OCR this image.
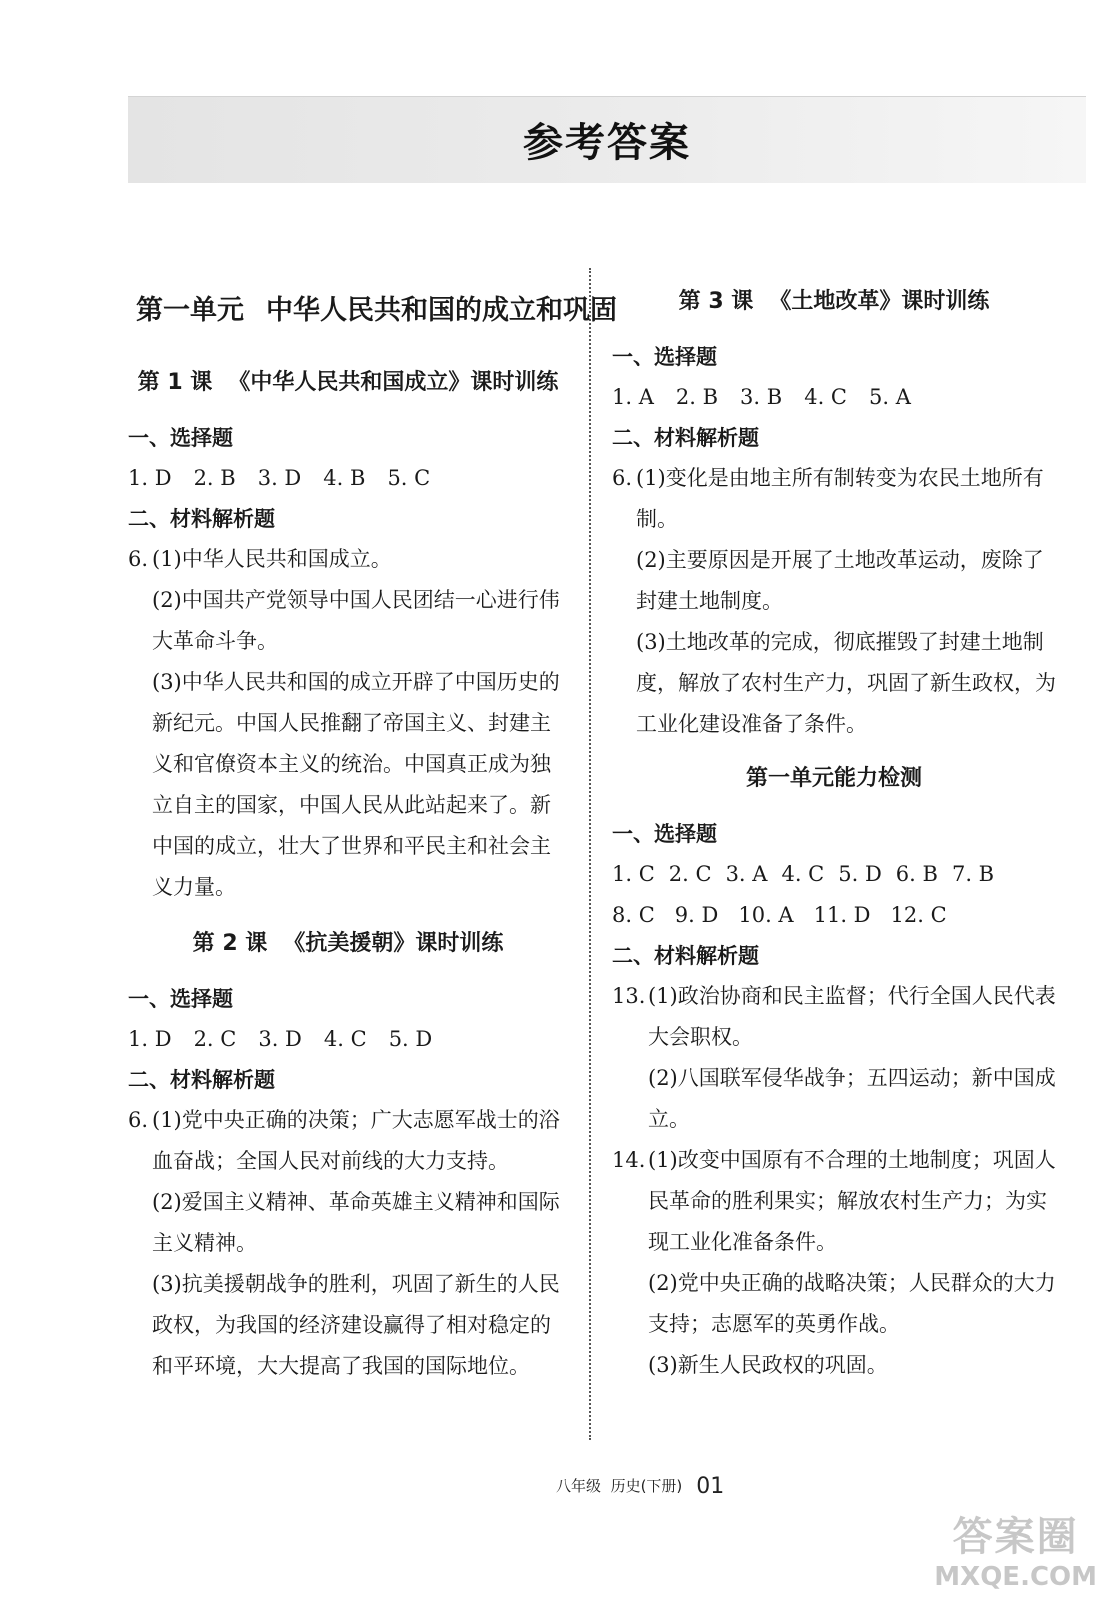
参考答案
第一单元 中华人民共和国的成立和巩固
第 1 课 《中华人民共和国成立》课时训练

一、选择题

1. D 2. B 3. D 4. B 5. C

二、材料解析题

6. (1)中华人民共和国成立。
(2)中国共产党领导中国人民团结一心进行伟大革命斗争。
(3)中华人民共和国的成立开辟了中国历史的新纪元。中国人民推翻了帝国主义、封建主义和官僚资本主义的统治。中国真正成为独立自主的国家，中国人民从此站起来了。新中国的成立，壮大了世界和平民主和社会主义力量。
第 2 课 《抗美援朝》课时训练

一、选择题

1. D 2. C 3. D 4. C 5. D

二、材料解析题

6. (1)党中央正确的决策；广大志愿军战士的浴血奋战；全国人民对前线的大力支持。
(2)爱国主义精神、革命英雄主义精神和国际主义精神。
(3)抗美援朝战争的胜利，巩固了新生的人民政权，为我国的经济建设赢得了相对稳定的和平环境，大大提高了我国的国际地位。
第 3 课 《土地改革》课时训练

一、选择题

1. A 2. B 3. B 4. C 5. A

二、材料解析题

6. (1)变化是由地主所有制转变为农民土地所有制。
(2)主要原因是开展了土地改革运动，废除了封建土地制度。
(3)土地改革的完成，彻底摧毁了封建土地制度，解放了农村生产力，巩固了新生政权，为工业化建设准备了条件。
第一单元能力检测

一、选择题

1. C 2. C 3. A 4. C 5. D 6. B 7. B

8. C 9. D 10. A 11. D 12. C

二、材料解析题

13. (1)政治协商和民主监督；代行全国人民代表大会职权。
(2)八国联军侵华战争；五四运动；新中国成立。
14. (1)改变中国原有不合理的土地制度；巩固人民革命的胜利果实；解放农村生产力；为实现工业化准备条件。
(2)党中央正确的战略决策；人民群众的大力支持；志愿军的英勇作战。
(3)新生人民政权的巩固。
八年级 历史(下册) 01
答案圈
MXQE.COM
